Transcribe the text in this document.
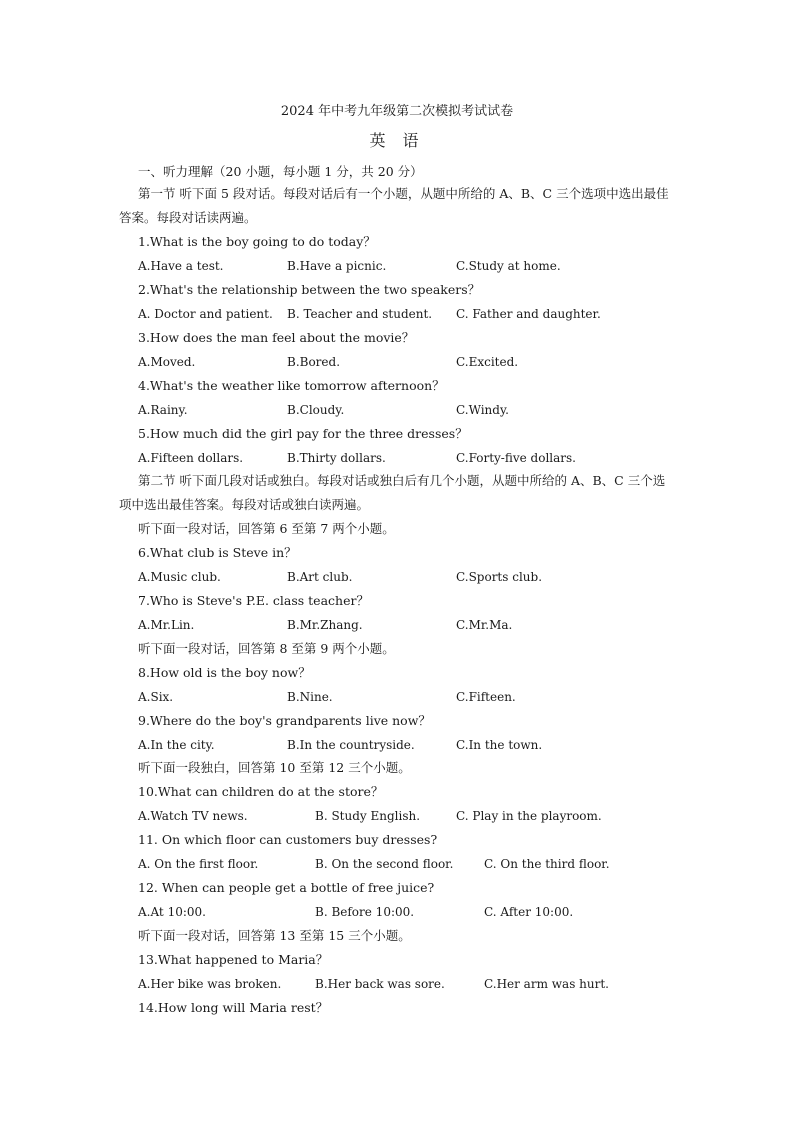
2024 年中考九年级第二次模拟考试试卷
英 语
一、听力理解（20 小题，每小题 1 分，共 20 分）
第一节 听下面 5 段对话。每段对话后有一个小题，从题中所给的 A、B、C 三个选项中选出最佳答案。每段对话读两遍。
1.What is the boy going to do today？
A.Have a test.	B.Have a picnic.	C.Study at home.
2.What's the relationship between the two speakers？
A. Doctor and patient. B. Teacher and student. C. Father and daughter.
3.How does the man feel about the movie？
A.Moved.	B.Bored.	C.Excited.
4.What's the weather like tomorrow afternoon？
A.Rainy.	B.Cloudy.	C.Windy.
5.How much did the girl pay for the three dresses？
A.Fifteen dollars.	B.Thirty dollars.	C.Forty-five dollars.
第二节 听下面几段对话或独白。每段对话或独白后有几个小题，从题中所给的 A、B、C 三个选项中选出最佳答案。每段对话或独白读两遍。
听下面一段对话，回答第 6 至第 7 两个小题。
6.What club is Steve in？
A.Music club.	B.Art club.	C.Sports club.
7.Who is Steve's P.E. class teacher？
A.Mr.Lin.	B.Mr.Zhang.	C.Mr.Ma.
听下面一段对话，回答第 8 至第 9 两个小题。
8.How old is the boy now？
A.Six.	B.Nine.	C.Fifteen.
9.Where do the boy's grandparents live now？
A.In the city.	B.In the countryside.	C.In the town.
听下面一段独白，回答第 10 至第 12 三个小题。
10.What can children do at the store？
A.Watch TV news.	B. Study English.	C. Play in the playroom.
11. On which floor can customers buy dresses?
A. On the first floor.	B. On the second floor.	C. On the third floor.
12. When can people get a bottle of free juice?
A.At 10:00.	B. Before 10:00.	C. After 10:00.
听下面一段对话，回答第 13 至第 15 三个小题。
13.What happened to Maria？
A.Her bike was broken.	B.Her back was sore.	C.Her arm was hurt.
14.How long will Maria rest？
